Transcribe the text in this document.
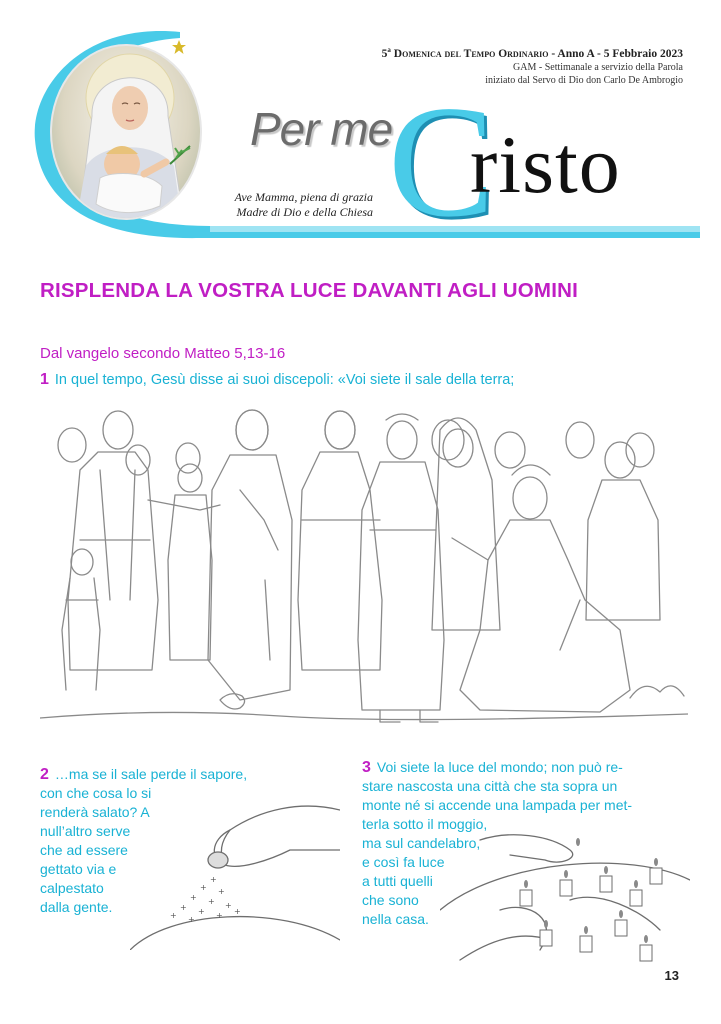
5$^a$ Domenica del Tempo Ordinario - Anno A - 5 Febbraio 2023
GAM - Settimanale a servizio della Parola
iniziato dal Servo di Dio don Carlo De Ambrogio
Per me
C
risto
Ave Mamma, piena di grazia
Madre di Dio e della Chiesa
RISPLENDA LA VOSTRA LUCE DAVANTI AGLI UOMINI
Dal vangelo secondo Matteo 5,13-16
1 In quel tempo, Gesù disse ai suoi discepoli: «Voi siete il sale della terra;
2 …ma se il sale perde il sapore,
con che cosa lo si
renderà salato? A
null’altro serve
che ad essere
gettato via e
calpestato
dalla gente.
+
+ +
+ + +
+ + + +
+ +
3 Voi siete la luce del mondo; non può re-
stare nascosta una città che sta sopra un
monte né si accende una lampada per met-
terla sotto il moggio,
ma sul candelabro,
e così fa luce
a tutti quelli
che sono
nella casa.
13
